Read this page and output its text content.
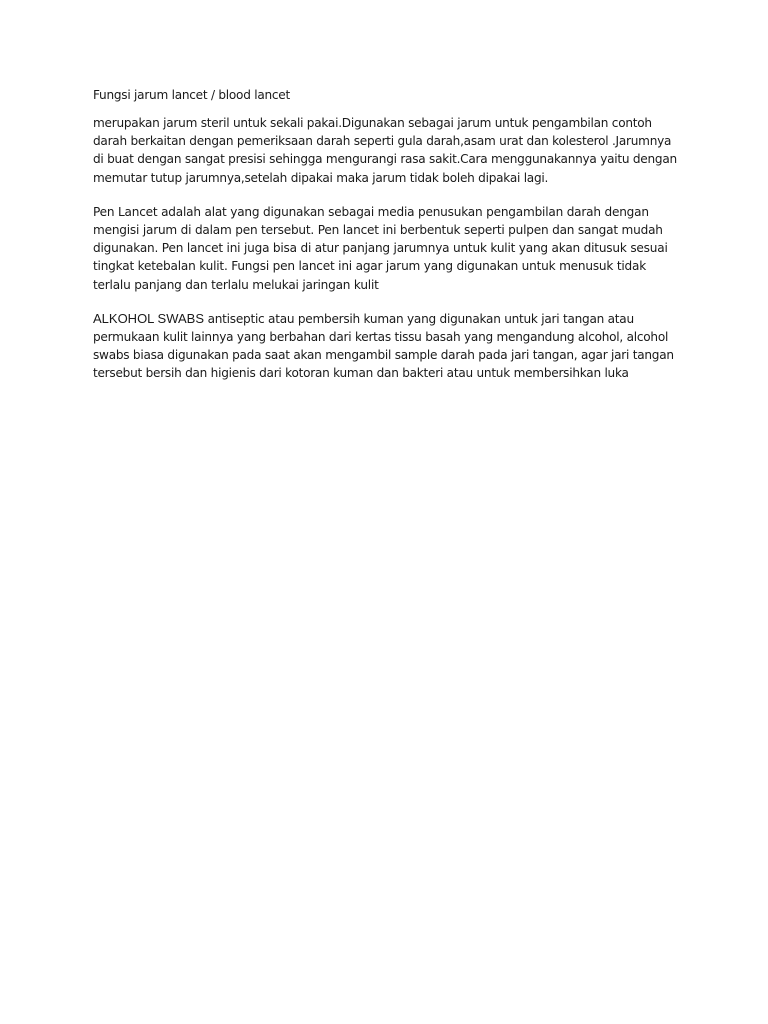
Fungsi jarum lancet / blood lancet

merupakan jarum steril untuk sekali pakai.Digunakan sebagai jarum untuk pengambilan contoh darah berkaitan dengan pemeriksaan darah seperti gula darah,asam urat dan kolesterol .Jarumnya di buat dengan sangat presisi sehingga mengurangi rasa sakit.Cara menggunakannya yaitu dengan memutar tutup jarumnya,setelah dipakai maka jarum tidak boleh dipakai lagi.

Pen Lancet adalah alat yang digunakan sebagai media penusukan pengambilan darah dengan mengisi jarum di dalam pen tersebut. Pen lancet ini berbentuk seperti pulpen dan sangat mudah digunakan. Pen lancet ini juga bisa di atur panjang jarumnya untuk kulit yang akan ditusuk sesuai tingkat ketebalan kulit. Fungsi pen lancet ini agar jarum yang digunakan untuk menusuk tidak terlalu panjang dan terlalu melukai jaringan kulit

ALKOHOL SWABS antiseptic atau pembersih kuman yang digunakan untuk jari tangan atau permukaan kulit lainnya yang berbahan dari kertas tissu basah yang mengandung alcohol, alcohol swabs biasa digunakan pada saat akan mengambil sample darah pada jari tangan, agar jari tangan tersebut bersih dan higienis dari kotoran kuman dan bakteri atau untuk membersihkan luka
